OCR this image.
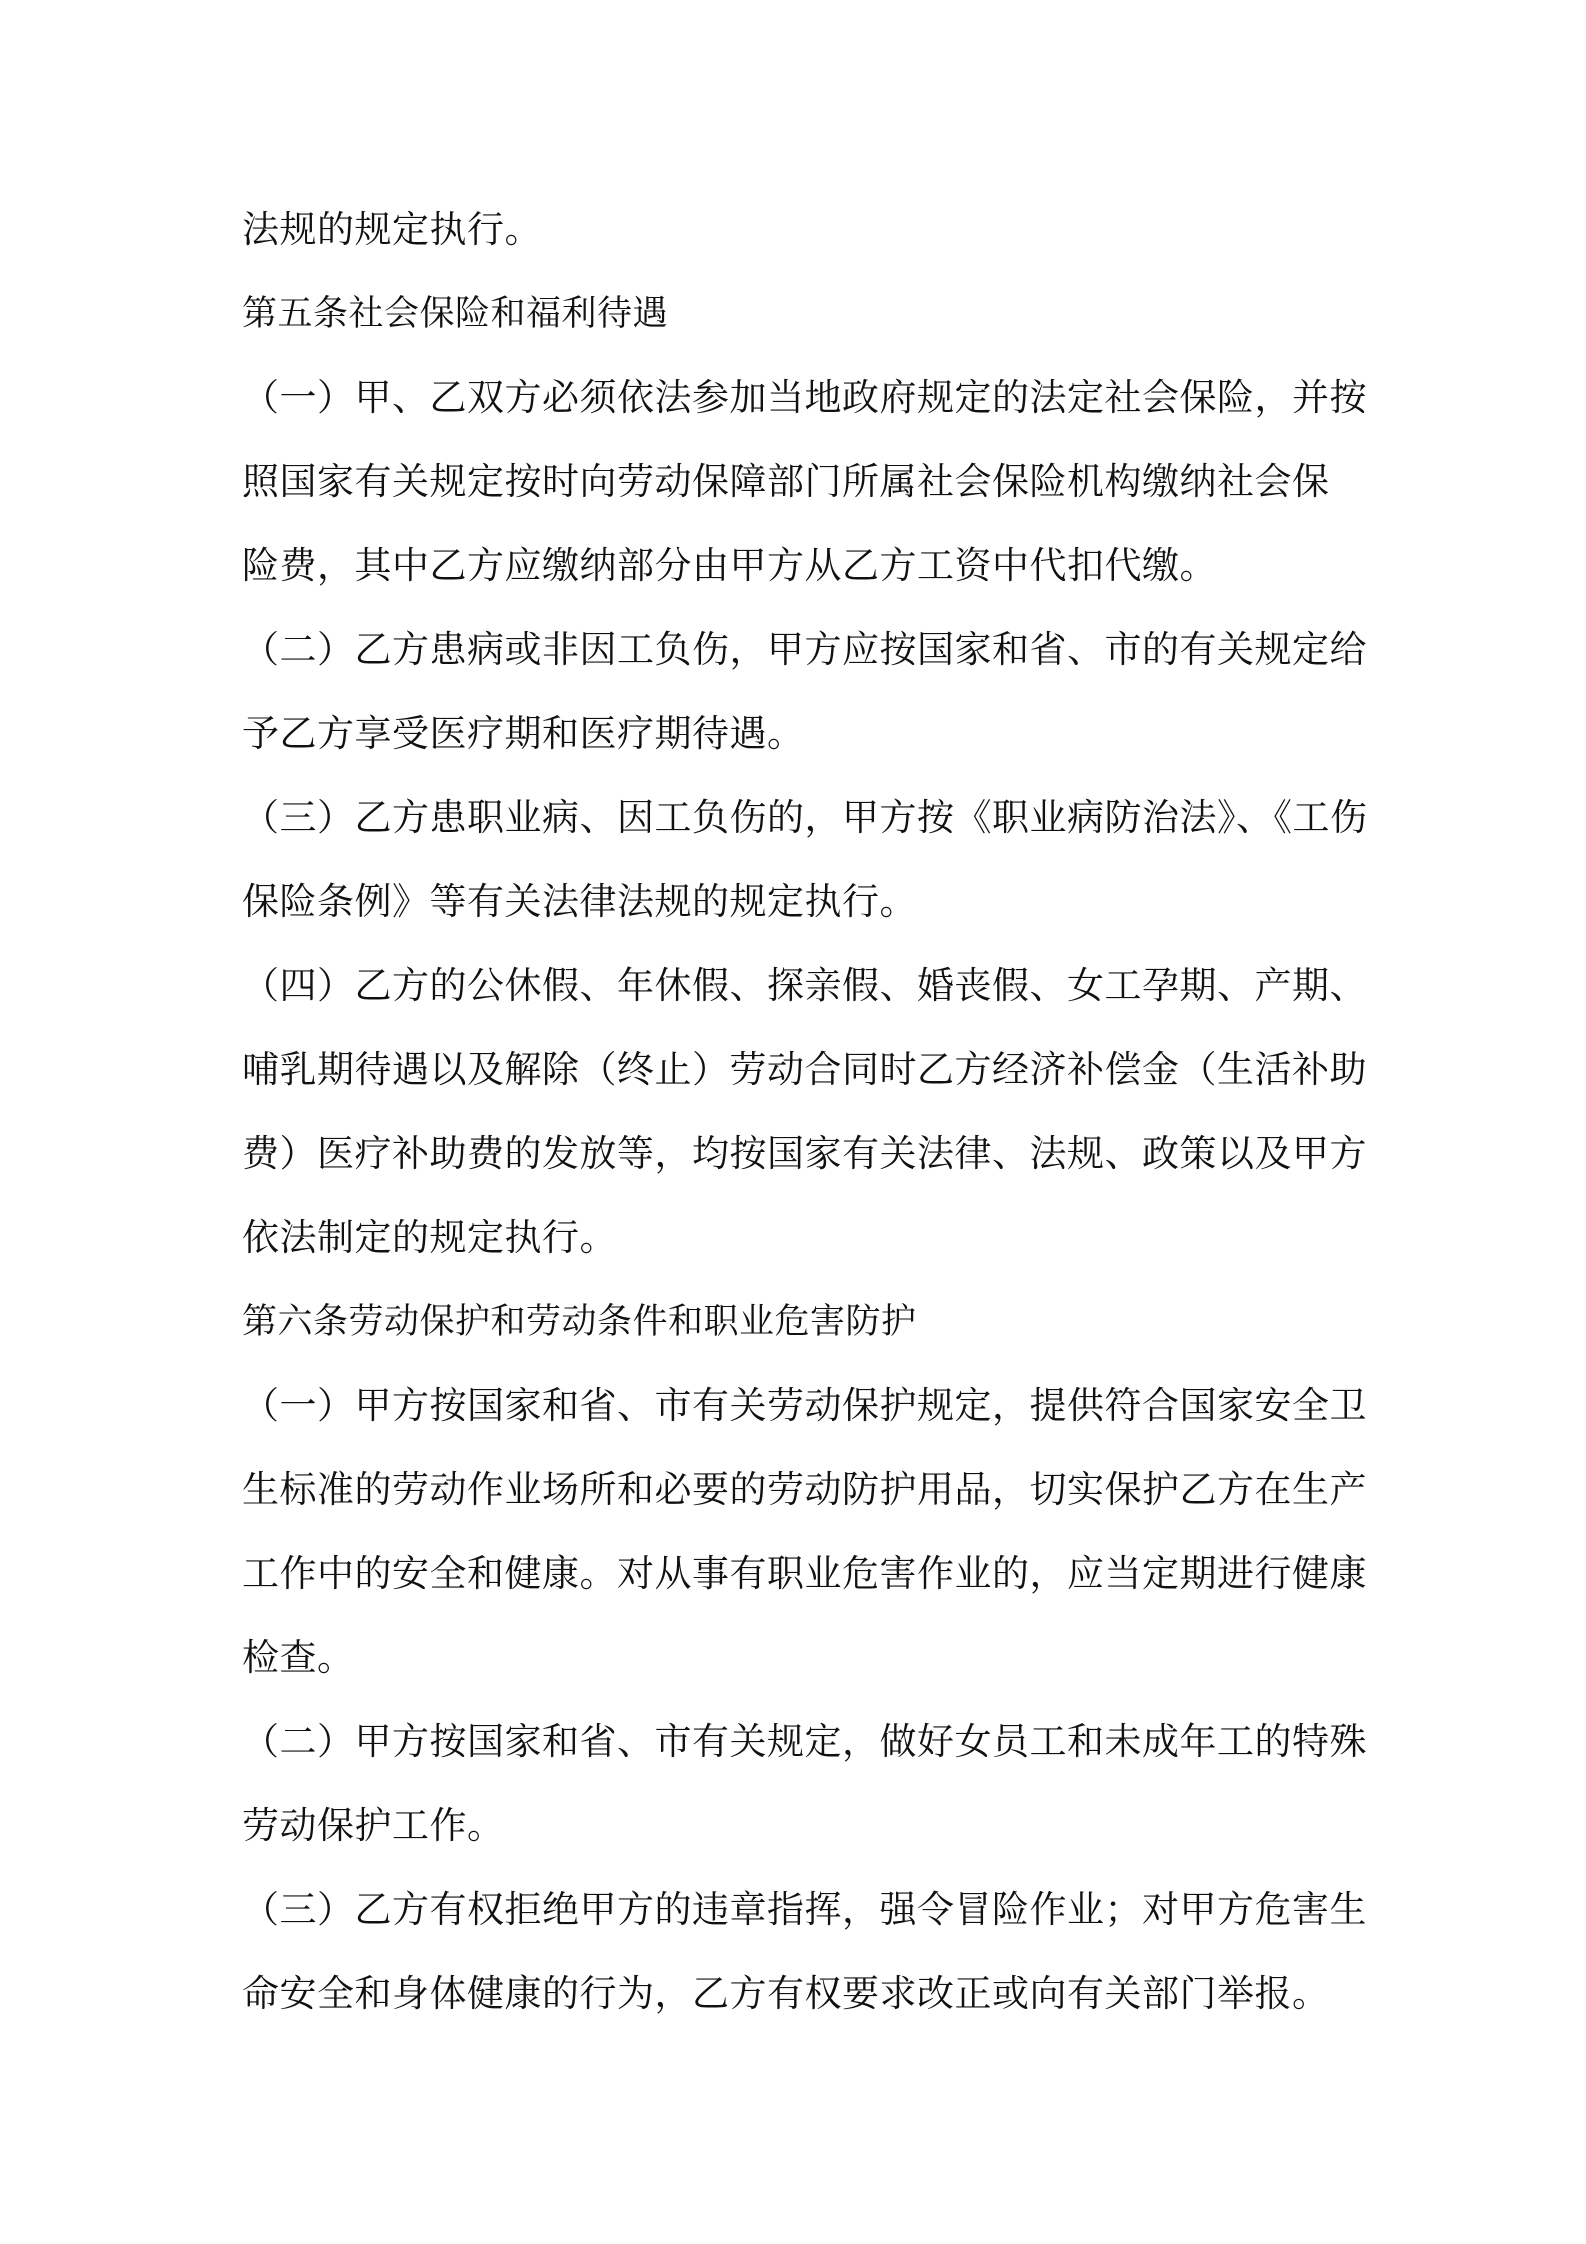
法规的规定执行。
第五条社会保险和福利待遇
（一）甲、乙双方必须依法参加当地政府规定的法定社会保险，并按
照国家有关规定按时向劳动保障部门所属社会保险机构缴纳社会保
险费，其中乙方应缴纳部分由甲方从乙方工资中代扣代缴。
（二）乙方患病或非因工负伤，甲方应按国家和省、市的有关规定给
予乙方享受医疗期和医疗期待遇。
（三）乙方患职业病、因工负伤的，甲方按《职业病防治法》、《工伤
保险条例》等有关法律法规的规定执行。
（四）乙方的公休假、年休假、探亲假、婚丧假、女工孕期、产期、
哺乳期待遇以及解除（终止）劳动合同时乙方经济补偿金（生活补助
费）医疗补助费的发放等，均按国家有关法律、法规、政策以及甲方
依法制定的规定执行。
第六条劳动保护和劳动条件和职业危害防护
（一）甲方按国家和省、市有关劳动保护规定，提供符合国家安全卫
生标准的劳动作业场所和必要的劳动防护用品，切实保护乙方在生产
工作中的安全和健康。对从事有职业危害作业的，应当定期进行健康
检查。
（二）甲方按国家和省、市有关规定，做好女员工和未成年工的特殊
劳动保护工作。
（三）乙方有权拒绝甲方的违章指挥，强令冒险作业；对甲方危害生
命安全和身体健康的行为，乙方有权要求改正或向有关部门举报。
